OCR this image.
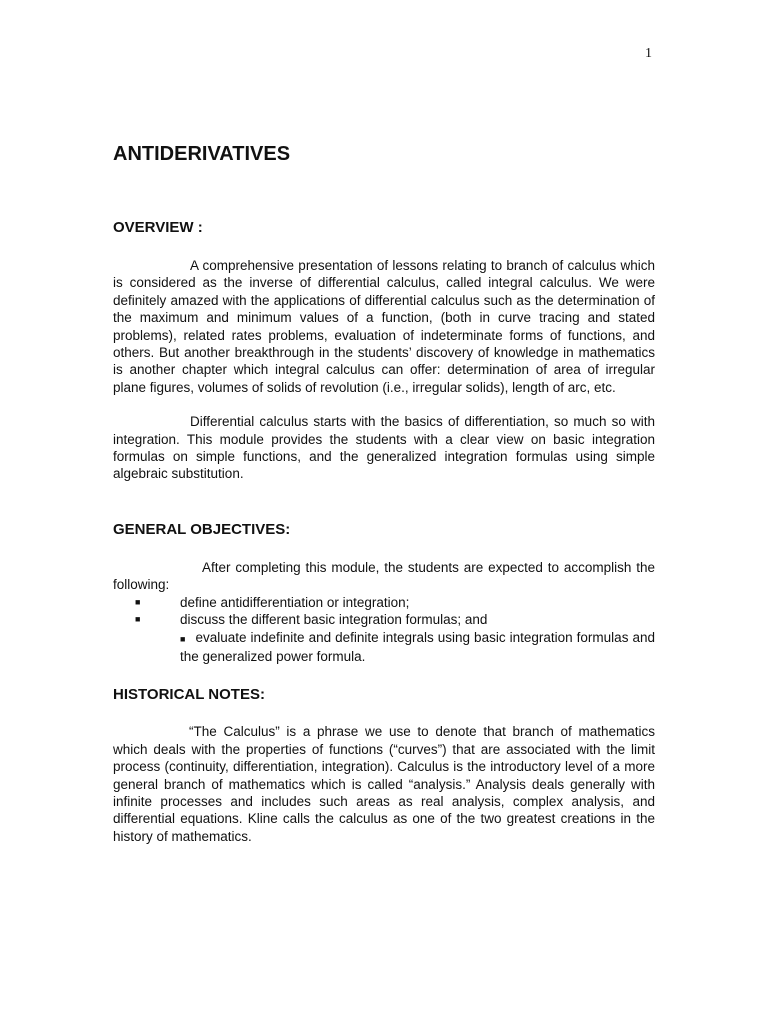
1
ANTIDERIVATIVES
OVERVIEW :

A comprehensive presentation of lessons relating to branch of calculus which is considered as the inverse of differential calculus, called integral calculus. We were definitely amazed with the applications of differential calculus such as the determination of the maximum and minimum values of a function, (both in curve tracing and stated problems), related rates problems, evaluation of indeterminate forms of functions, and others. But another breakthrough in the students’ discovery of knowledge in mathematics is another chapter which integral calculus can offer: determination of area of irregular plane figures, volumes of solids of revolution (i.e., irregular solids), length of arc, etc.

Differential calculus starts with the basics of differentiation, so much so with integration. This module provides the students with a clear view on basic integration formulas on simple functions, and the generalized integration formulas using simple algebraic substitution.

GENERAL OBJECTIVES:

After completing this module, the students are expected to accomplish the following:

■	define antidifferentiation or integration;
■	discuss the different basic integration formulas; and
■ evaluate indefinite and definite integrals using basic integration formulas and the generalized power formula.
HISTORICAL NOTES:

“The Calculus” is a phrase we use to denote that branch of mathematics which deals with the properties of functions (“curves”) that are associated with the limit process (continuity, differentiation, integration). Calculus is the introductory level of a more general branch of mathematics which is called “analysis.” Analysis deals generally with infinite processes and includes such areas as real analysis, complex analysis, and differential equations. Kline calls the calculus as one of the two greatest creations in the history of mathematics.
